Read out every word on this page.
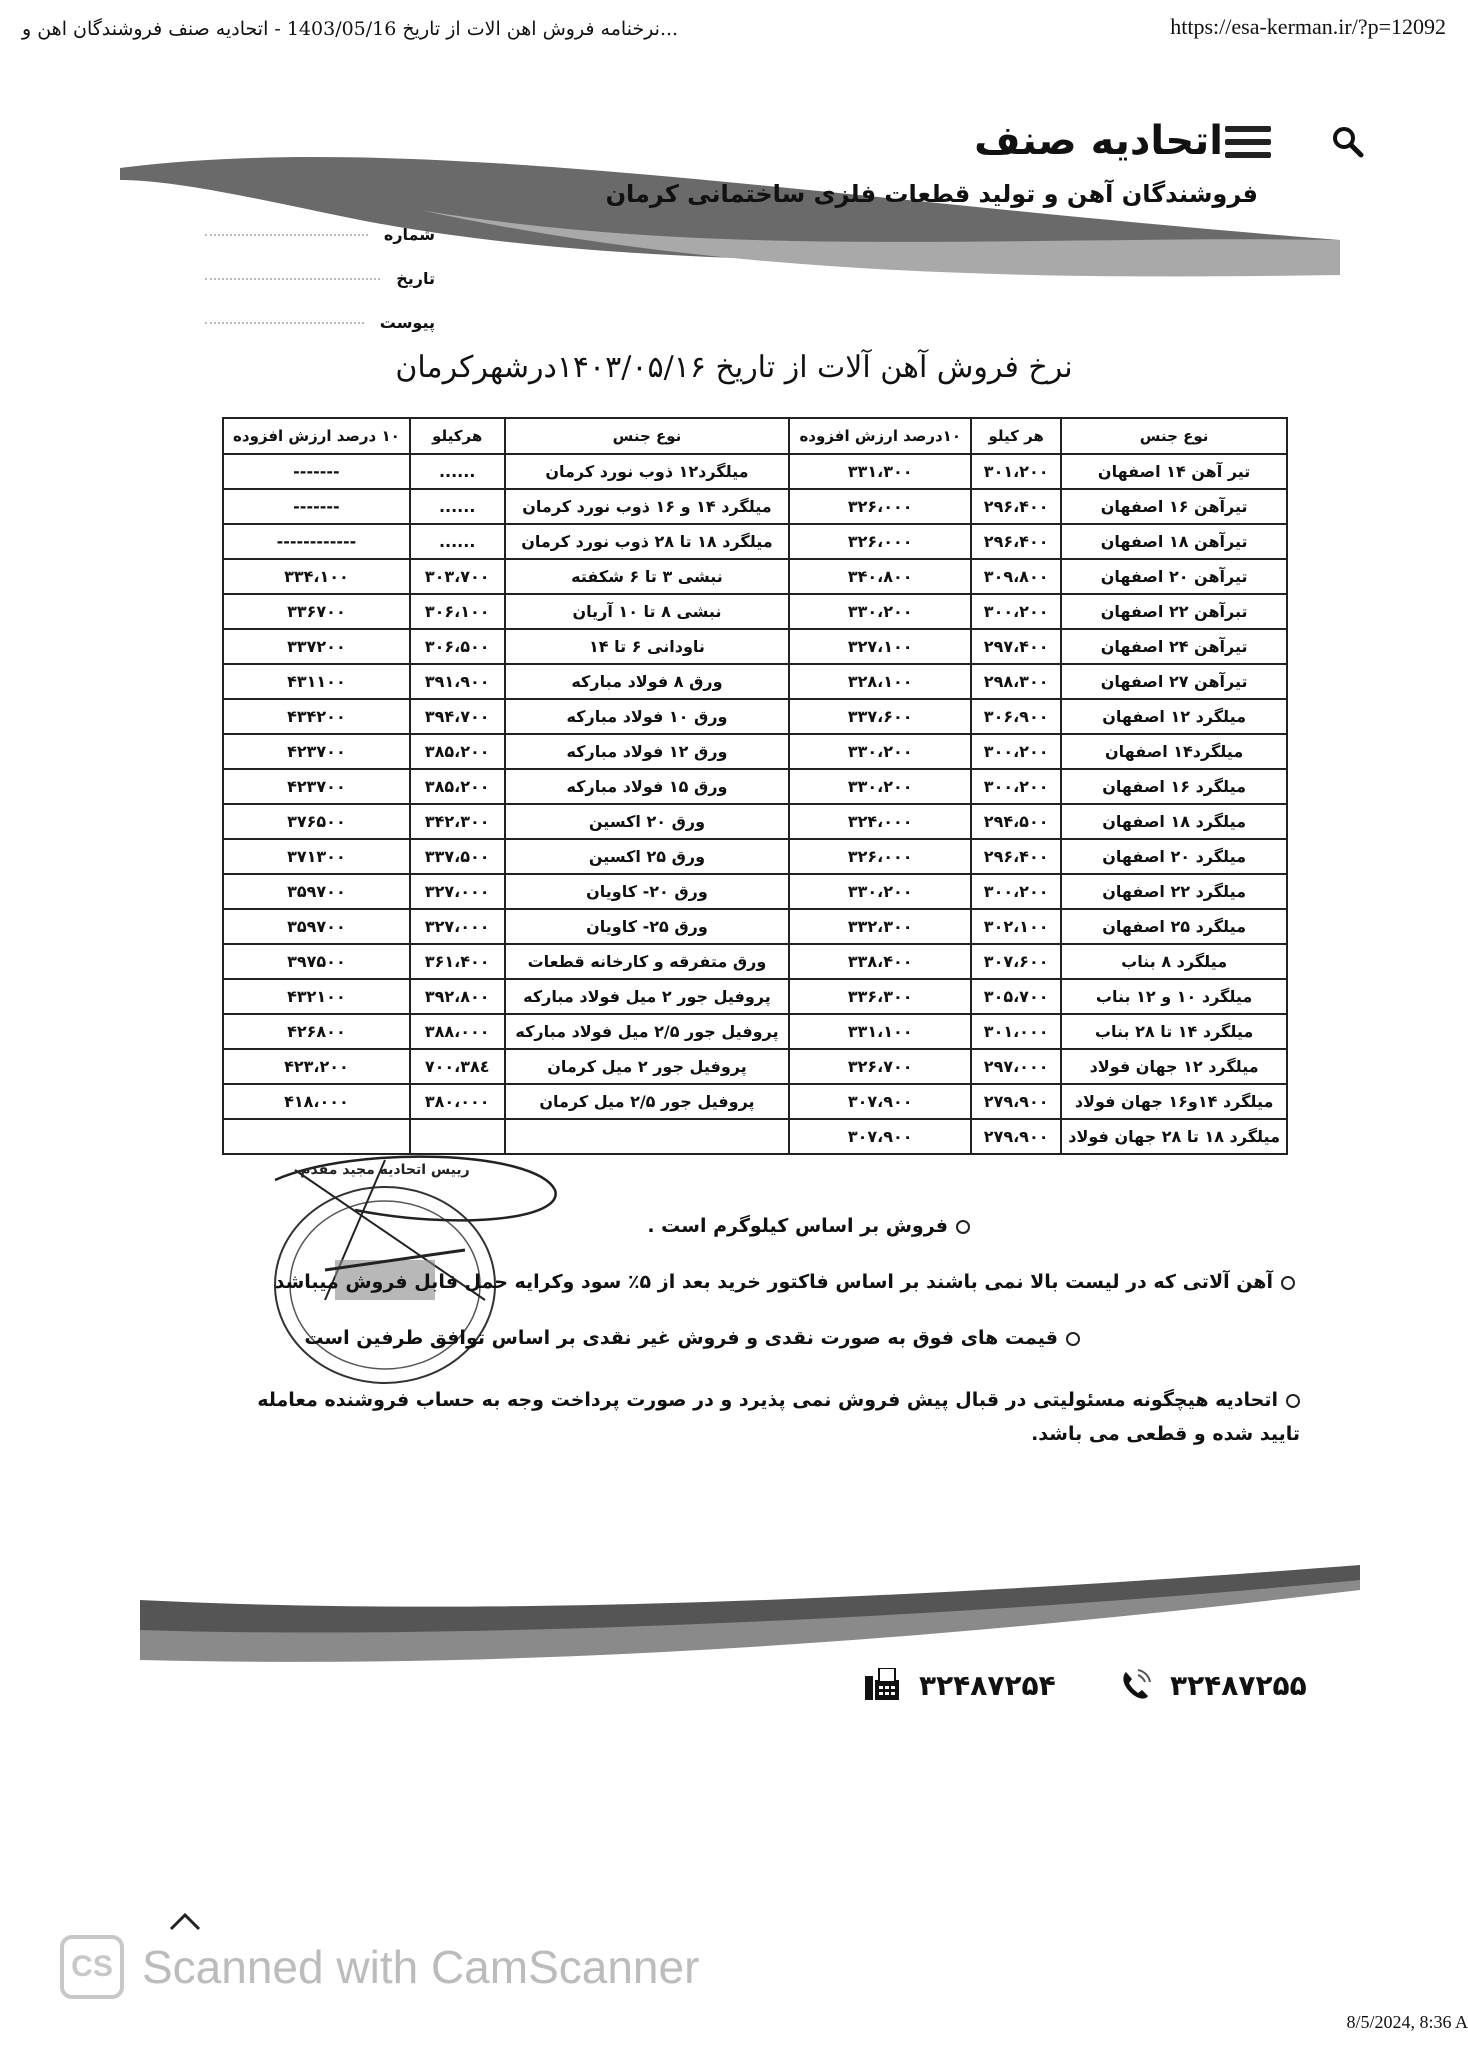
...نرخنامه فروش اهن الات از تاریخ 1403/05/16 - اتحادیه صنف فروشندگان اهن و	https://esa-kerman.ir/?p=12092
اتحادیه صنف
فروشندگان آهن و تولید قطعات فلزی ساختمانی کرمان
شماره
تاریخ
پیوست
نرخ فروش آهن آلات از تاریخ ۱۴۰۳/۰۵/۱۶درشهرکرمان
نوع جنس	هر کیلو	۱۰درصد ارزش افزوده	نوع جنس	هرکیلو	۱۰ درصد ارزش افزوده
تیر آهن ۱۴ اصفهان	۳۰۱،۲۰۰	۳۳۱،۳۰۰	میلگرد۱۲ ذوب نورد کرمان	......	-------
تیرآهن ۱۶ اصفهان	۲۹۶،۴۰۰	۳۲۶،۰۰۰	میلگرد ۱۴ و ۱۶ ذوب نورد کرمان	......	-------
تیرآهن ۱۸ اصفهان	۲۹۶،۴۰۰	۳۲۶،۰۰۰	میلگرد ۱۸ تا ۲۸ ذوب نورد کرمان	......	------------
تیرآهن ۲۰ اصفهان	۳۰۹،۸۰۰	۳۴۰،۸۰۰	نبشی ۳ تا ۶ شکفته	۳۰۳،۷۰۰	۳۳۴،۱۰۰
تبرآهن ۲۲ اصفهان	۳۰۰،۲۰۰	۳۳۰،۲۰۰	نبشی ۸ تا ۱۰ آریان	۳۰۶،۱۰۰	۳۳۶۷۰۰
تیرآهن ۲۴ اصفهان	۲۹۷،۴۰۰	۳۲۷،۱۰۰	ناودانی ۶ تا ۱۴	۳۰۶،۵۰۰	۳۳۷۲۰۰
تیرآهن ۲۷ اصفهان	۲۹۸،۳۰۰	۳۲۸،۱۰۰	ورق ۸ فولاد مبارکه	۳۹۱،۹۰۰	۴۳۱۱۰۰
میلگرد ۱۲ اصفهان	۳۰۶،۹۰۰	۳۳۷،۶۰۰	ورق ۱۰ فولاد مبارکه	۳۹۴،۷۰۰	۴۳۴۲۰۰
میلگرد۱۴ اصفهان	۳۰۰،۲۰۰	۳۳۰،۲۰۰	ورق ۱۲ فولاد مبارکه	۳۸۵،۲۰۰	۴۲۳۷۰۰
میلگرد ۱۶ اصفهان	۳۰۰،۲۰۰	۳۳۰،۲۰۰	ورق ۱۵ فولاد مبارکه	۳۸۵،۲۰۰	۴۲۳۷۰۰
میلگرد ۱۸ اصفهان	۲۹۴،۵۰۰	۳۲۴،۰۰۰	ورق ۲۰ اکسین	۳۴۲،۳۰۰	۳۷۶۵۰۰
میلگرد ۲۰ اصفهان	۲۹۶،۴۰۰	۳۲۶،۰۰۰	ورق ۲۵ اکسین	۳۳۷،۵۰۰	۳۷۱۳۰۰
میلگرد ۲۲ اصفهان	۳۰۰،۲۰۰	۳۳۰،۲۰۰	ورق ۲۰- کاویان	۳۲۷،۰۰۰	۳۵۹۷۰۰
میلگرد ۲۵ اصفهان	۳۰۲،۱۰۰	۳۳۲،۳۰۰	ورق ۲۵- کاویان	۳۲۷،۰۰۰	۳۵۹۷۰۰
میلگرد ۸ بناب	۳۰۷،۶۰۰	۳۳۸،۴۰۰	ورق متفرقه و کارخانه قطعات	۳۶۱،۴۰۰	۳۹۷۵۰۰
میلگرد ۱۰ و ۱۲ بناب	۳۰۵،۷۰۰	۳۳۶،۳۰۰	پروفیل جور ۲ میل فولاد مبارکه	۳۹۲،۸۰۰	۴۳۲۱۰۰
میلگرد ۱۴ تا ۲۸ بناب	۳۰۱،۰۰۰	۳۳۱،۱۰۰	پروفیل جور ۲/۵ میل فولاد مبارکه	۳۸۸،۰۰۰	۴۲۶۸۰۰
میلگرد ۱۲ جهان فولاد	۲۹۷،۰۰۰	۳۲۶،۷۰۰	پروفیل جور ۲ میل کرمان	۳۸٤،۷۰۰	۴۲۳،۲۰۰
میلگرد ۱۴و۱۶ جهان فولاد	۲۷۹،۹۰۰	۳۰۷،۹۰۰	پروفیل جور ۲/۵ میل کرمان	۳۸۰،۰۰۰	۴۱۸،۰۰۰
میلگرد ۱۸ تا ۲۸ جهان فولاد	۲۷۹،۹۰۰	۳۰۷،۹۰۰			
رییس اتحادیه مجید مقدم
فروش بر اساس کیلوگرم است .
آهن آلاتی که در لیست بالا نمی باشند بر اساس فاکتور خرید بعد از ۵٪ سود وکرایه حمل قابل فروش میباشد
قیمت های فوق به صورت نقدی و فروش غیر نقدی بر اساس توافق طرفین است
اتحادیه هیچگونه مسئولیتی در قبال پیش فروش نمی پذیرد و در صورت پرداخت وجه به حساب فروشنده معامله تایید شده و قطعی می باشد.
۳۲۴۸۷۲۵۴	۳۲۴۸۷۲۵۵
CS Scanned with CamScanner
8/5/2024, 8:36 A
